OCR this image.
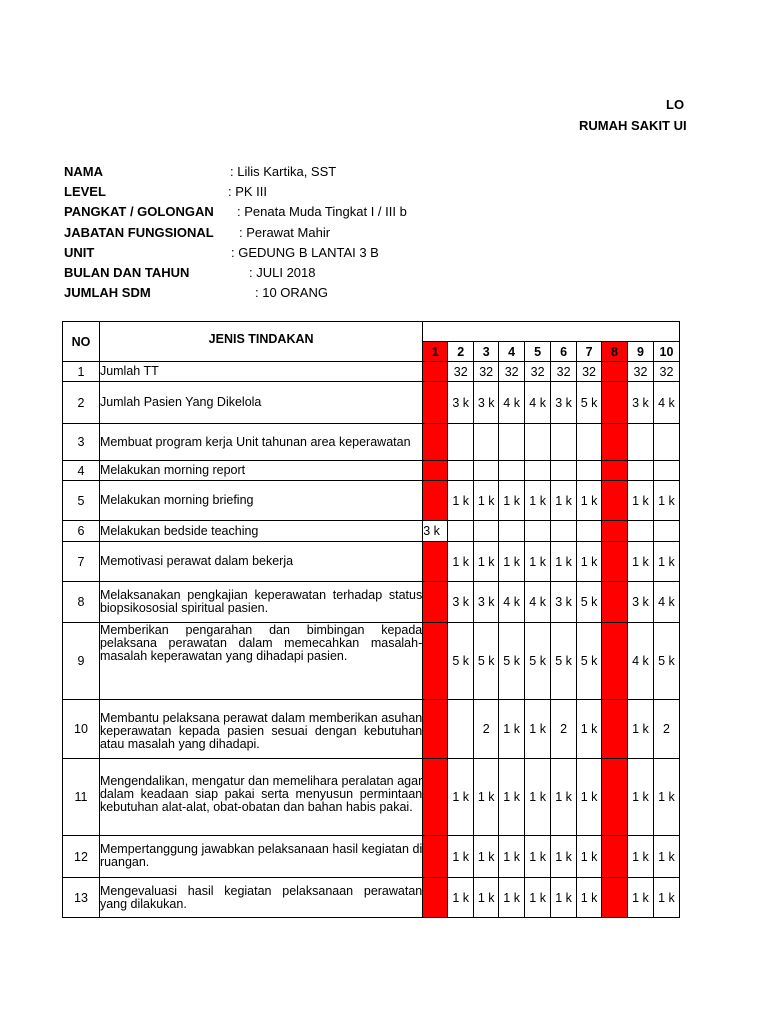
LO
RUMAH SAKIT UI
NAMA	: Lilis Kartika, SST
LEVEL	: PK III
PANGKAT / GOLONGAN : Penata Muda Tingkat I / III b
JABATAN FUNGSIONAL : Perawat Mahir
UNIT	: GEDUNG B LANTAI 3 B
BULAN DAN TAHUN	: JULI 2018
JUMLAH SDM	: 10 ORANG
NO	JENIS TINDAKAN										
		1	2	3	4	5	6	7	8	9	10
1	Jumlah TT		32	32	32	32	32	32		32	32
2	Jumlah Pasien Yang Dikelola		3 k	3 k	4 k	4 k	3 k	5 k		3 k	4 k
3	Membuat program kerja Unit tahunan area keperawatan										
4	Melakukan morning report										
5	Melakukan morning briefing		1 k	1 k	1 k	1 k	1 k	1 k		1 k	1 k
6	Melakukan bedside teaching	3 k									
7	Memotivasi perawat dalam bekerja		1 k	1 k	1 k	1 k	1 k	1 k		1 k	1 k
8	Melaksanakan pengkajian keperawatan terhadap status biopsikososial spiritual pasien.		3 k	3 k	4 k	4 k	3 k	5 k		3 k	4 k
9	Memberikan pengarahan dan bimbingan kepada pelaksana perawatan dalam memecahkan masalah-masalah keperawatan yang dihadapi pasien.		5 k	5 k	5 k	5 k	5 k	5 k		4 k	5 k
10	Membantu pelaksana perawat dalam memberikan asuhan keperawatan kepada pasien sesuai dengan kebutuhan atau masalah yang dihadapi.			2	1 k	1 k	2	1 k		1 k	2
11	Mengendalikan, mengatur dan memelihara peralatan agar dalam keadaan siap pakai serta menyusun permintaan kebutuhan alat-alat, obat-obatan dan bahan habis pakai.		1 k	1 k	1 k	1 k	1 k	1 k		1 k	1 k
12	Mempertanggung jawabkan pelaksanaan hasil kegiatan di ruangan.		1 k	1 k	1 k	1 k	1 k	1 k		1 k	1 k
13	Mengevaluasi hasil kegiatan pelaksanaan perawatan yang dilakukan.		1 k	1 k	1 k	1 k	1 k	1 k		1 k	1 k
